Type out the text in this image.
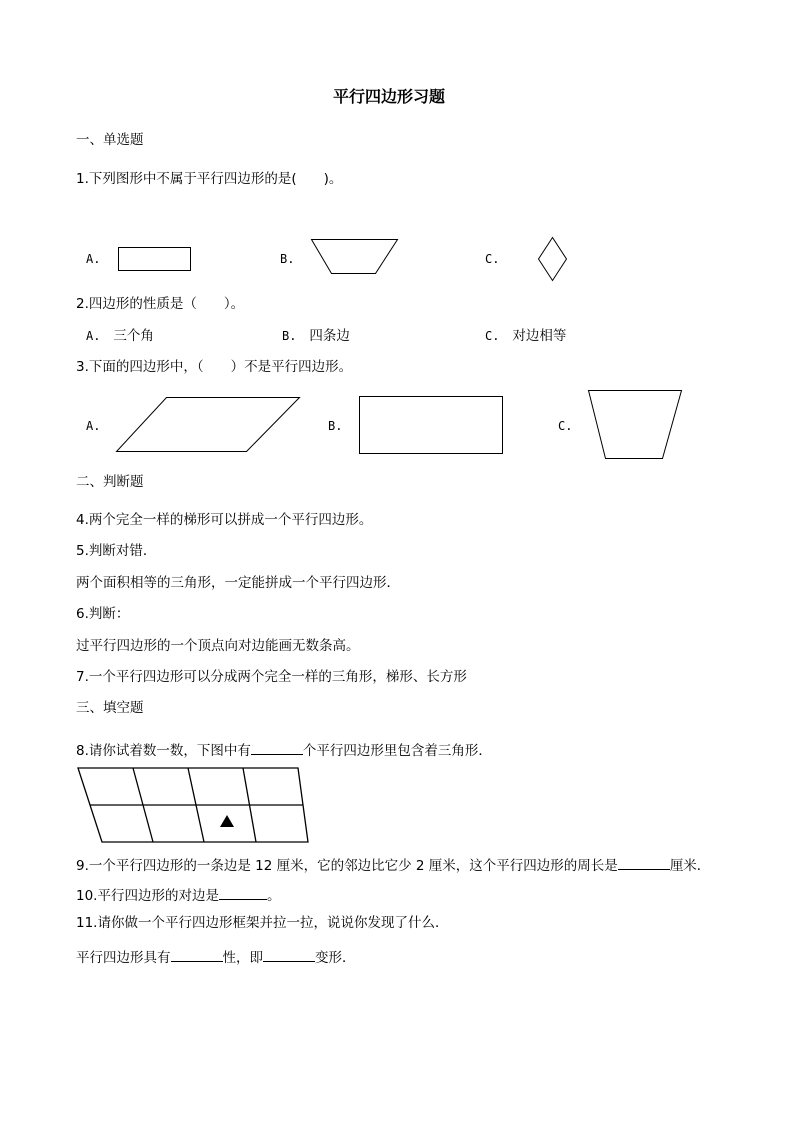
平行四边形习题
一、单选题
1.下列图形中不属于平行四边形的是(　　)。
A.	B.	C.
2.四边形的性质是（　　）。
A. 三个角	B. 四条边	C. 对边相等
3.下面的四边形中，（　　）不是平行四边形。
A.	B.	C.
二、判断题
4.两个完全一样的梯形可以拼成一个平行四边形。
5.判断对错．
两个面积相等的三角形，一定能拼成一个平行四边形．
6.判断：
过平行四边形的一个顶点向对边能画无数条高。
7.一个平行四边形可以分成两个完全一样的三角形，梯形、长方形
三、填空题
8.请你试着数一数，下图中有	个平行四边形里包含着三角形．
9.一个平行四边形的一条边是 12 厘米，它的邻边比它少 2 厘米，这个平行四边形的周长是	厘米．
10.平行四边形的对边是	。
11.请你做一个平行四边形框架并拉一拉，说说你发现了什么．
平行四边形具有	性，即	变形．
